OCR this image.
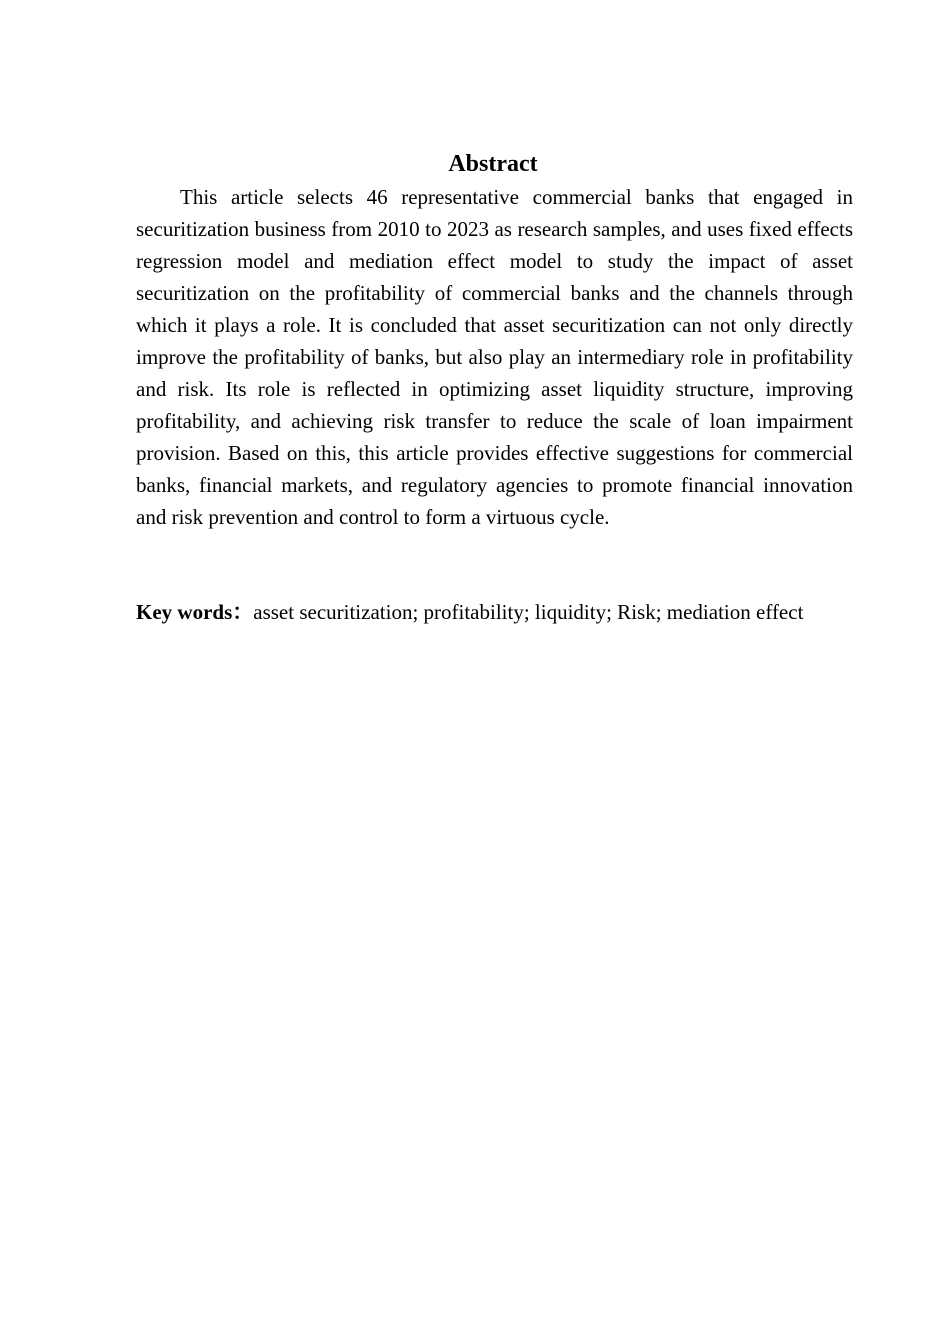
Abstract

This article selects 46 representative commercial banks that engaged in securitization business from 2010 to 2023 as research samples, and uses fixed effects regression model and mediation effect model to study the impact of asset securitization on the profitability of commercial banks and the channels through which it plays a role. It is concluded that asset securitization can not only directly improve the profitability of banks, but also play an intermediary role in profitability and risk. Its role is reflected in optimizing asset liquidity structure, improving profitability, and achieving risk transfer to reduce the scale of loan impairment provision. Based on this, this article provides effective suggestions for commercial banks, financial markets, and regulatory agencies to promote financial innovation and risk prevention and control to form a virtuous cycle.

Key words：asset securitization; profitability; liquidity; Risk; mediation effect
